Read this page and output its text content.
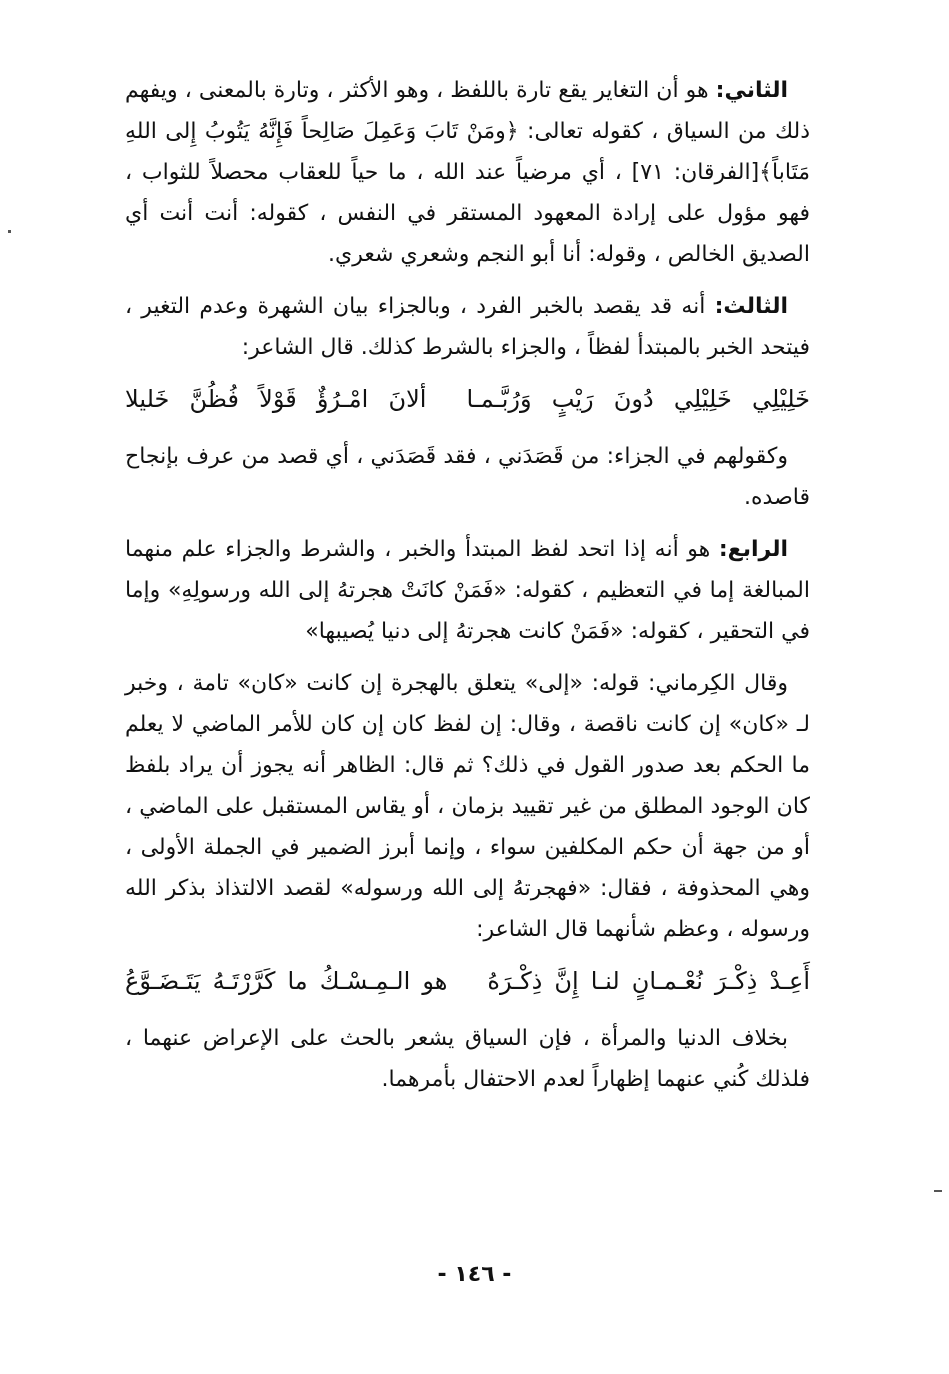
الثاني: هو أن التغاير يقع تارة باللفظ ، وهو الأكثر ، وتارة بالمعنى ، ويفهم ذلك من السياق ، كقوله تعالى: ﴿ومَنْ تَابَ وَعَمِلَ صَالِحاً فَإِنَّهُ يَتُوبُ إِلى اللهِ مَتَاباً﴾[الفرقان: ٧١] ، أي مرضياً عند الله ، ما حياً للعقاب محصلاً للثواب ، فهو مؤول على إرادة المعهود المستقر في النفس ، كقوله: أنت أنت أي الصديق الخالص ، وقوله: أنا أبو النجم وشعري شعري.

الثالث: أنه قد يقصد بالخبر الفرد ، وبالجزاء بيان الشهرة وعدم التغير ، فيتحد الخبر بالمبتدأ لفظاً ، والجزاء بالشرط كذلك. قال الشاعر:

خَلِيْلِي خَلِيْلِي دُونَ رَيْبٍ وَرُبَّـمـاألانَ امْـرُؤٌ قَوْلاً فُظُنَّ خَليلا

وكقولهم في الجزاء: من قَصَدَني ، فقد قَصَدَني ، أي قصد من عرف بإنجاح قاصده.

الرابع: هو أنه إذا اتحد لفظ المبتدأ والخبر ، والشرط والجزاء علم منهما المبالغة إما في التعظيم ، كقوله: «فَمَنْ كانَتْ هجرتهُ إلى الله ورسولِهِ» وإما في التحقير ، كقوله: «فَمَنْ كانت هجرتهُ إلى دنيا يُصيبها»

وقال الكِرماني: قوله: «إلى» يتعلق بالهجرة إن كانت «كان» تامة ، وخبر لـ «كان» إن كانت ناقصة ، وقال: إن لفظ كان إن كان للأمر الماضي لا يعلم ما الحكم بعد صدور القول في ذلك؟ ثم قال: الظاهر أنه يجوز أن يراد بلفظ كان الوجود المطلق من غير تقييد بزمان ، أو يقاس المستقبل على الماضي ، أو من جهة أن حكم المكلفين سواء ، وإنما أبرز الضمير في الجملة الأولى ، وهي المحذوفة ، فقال: «فهجرتهُ إلى الله ورسوله» لقصد الالتذاذ بذكر الله ورسوله ، وعظم شأنهما قال الشاعر:

أَعِـدْ ذِكْـرَ نُعْـمـانٍ لنـا إِنَّ ذِكْـرَهُهو الـمِـسْـكُ ما كَرَّرْتَـهُ يَتَـضَـوَّعُ

بخلاف الدنيا والمرأة ، فإن السياق يشعر بالحث على الإعراض عنهما ، فلذلك كُني عنهما إظهاراً لعدم الاحتفال بأمرهما.

- ١٤٦ -
